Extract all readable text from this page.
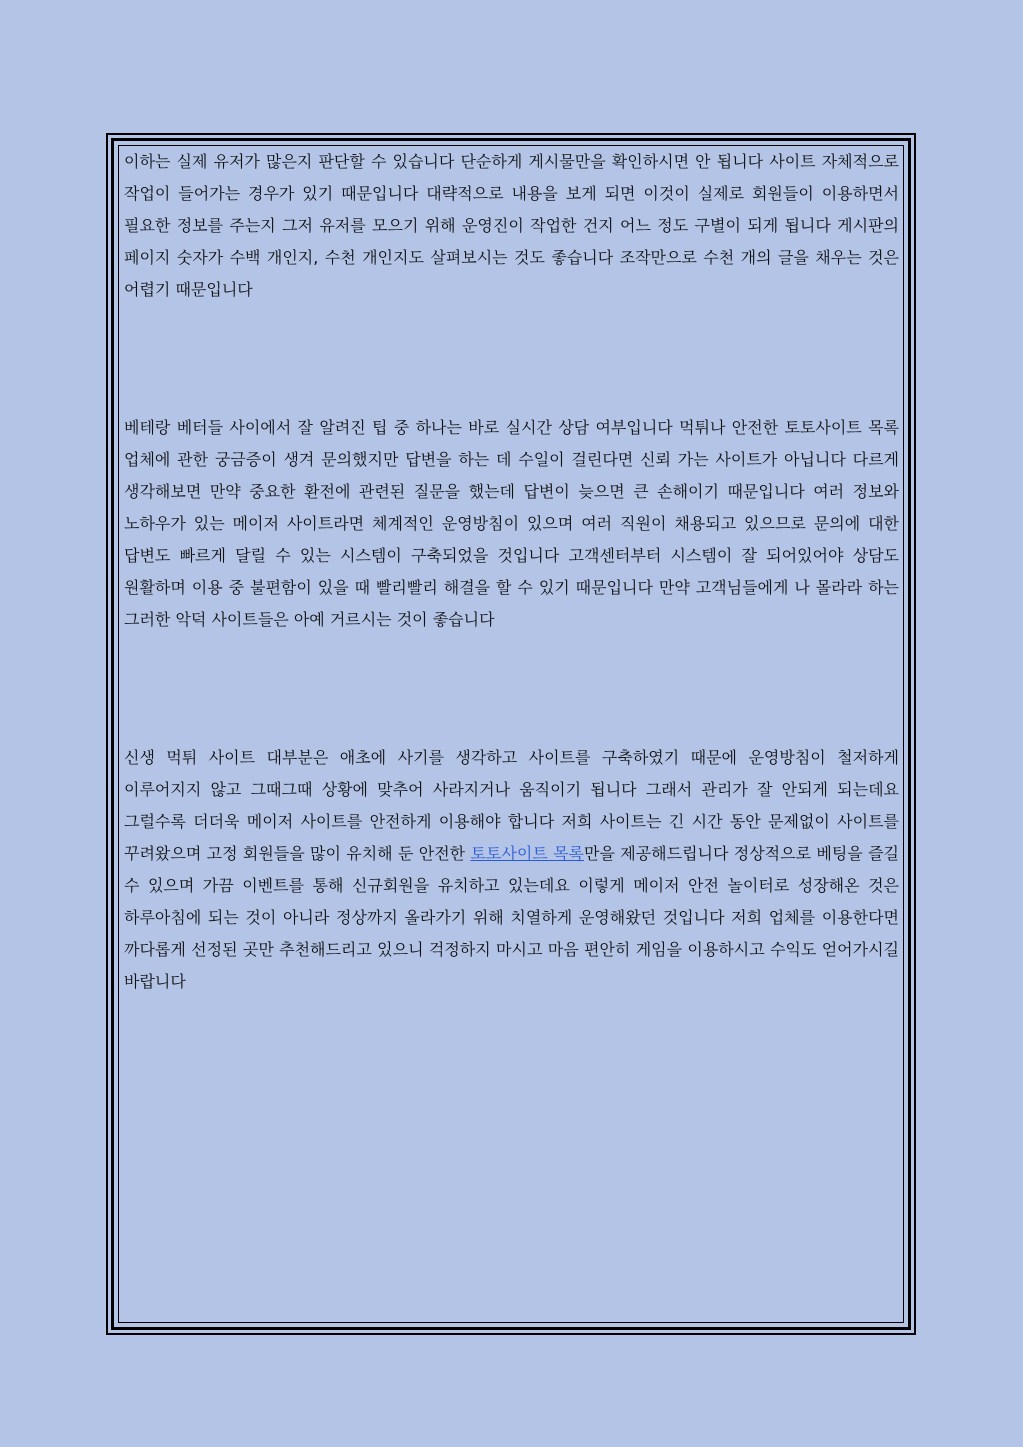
이하는 실제 유저가 많은지 판단할 수 있습니다 단순하게 게시물만을 확인하시면 안 됩니다 사이트 자체적으로 작업이 들어가는 경우가 있기 때문입니다 대략적으로 내용을 보게 되면 이것이 실제로 회원들이 이용하면서 필요한 정보를 주는지 그저 유저를 모으기 위해 운영진이 작업한 건지 어느 정도 구별이 되게 됩니다 게시판의 페이지 숫자가 수백 개인지, 수천 개인지도 살펴보시는 것도 좋습니다 조작만으로 수천 개의 글을 채우는 것은 어렵기 때문입니다

베테랑 베터들 사이에서 잘 알려진 팁 중 하나는 바로 실시간 상담 여부입니다 먹튀나 안전한 토토사이트 목록 업체에 관한 궁금증이 생겨 문의했지만 답변을 하는 데 수일이 걸린다면 신뢰 가는 사이트가 아닙니다 다르게 생각해보면 만약 중요한 환전에 관련된 질문을 했는데 답변이 늦으면 큰 손해이기 때문입니다 여러 정보와 노하우가 있는 메이저 사이트라면 체계적인 운영방침이 있으며 여러 직원이 채용되고 있으므로 문의에 대한 답변도 빠르게 달릴 수 있는 시스템이 구축되었을 것입니다 고객센터부터 시스템이 잘 되어있어야 상담도 원활하며 이용 중 불편함이 있을 때 빨리빨리 해결을 할 수 있기 때문입니다 만약 고객님들에게 나 몰라라 하는 그러한 악덕 사이트들은 아예 거르시는 것이 좋습니다

신생 먹튀 사이트 대부분은 애초에 사기를 생각하고 사이트를 구축하였기 때문에 운영방침이 철저하게 이루어지지 않고 그때그때 상황에 맞추어 사라지거나 움직이기 됩니다 그래서 관리가 잘 안되게 되는데요 그럴수록 더더욱 메이저 사이트를 안전하게 이용해야 합니다 저희 사이트는 긴 시간 동안 문제없이 사이트를 꾸려왔으며 고정 회원들을 많이 유치해 둔 안전한 토토사이트 목록만을 제공해드립니다 정상적으로 베팅을 즐길 수 있으며 가끔 이벤트를 통해 신규회원을 유치하고 있는데요 이렇게 메이저 안전 놀이터로 성장해온 것은 하루아침에 되는 것이 아니라 정상까지 올라가기 위해 치열하게 운영해왔던 것입니다 저희 업체를 이용한다면 까다롭게 선정된 곳만 추천해드리고 있으니 걱정하지 마시고 마음 편안히 게임을 이용하시고 수익도 얻어가시길 바랍니다
